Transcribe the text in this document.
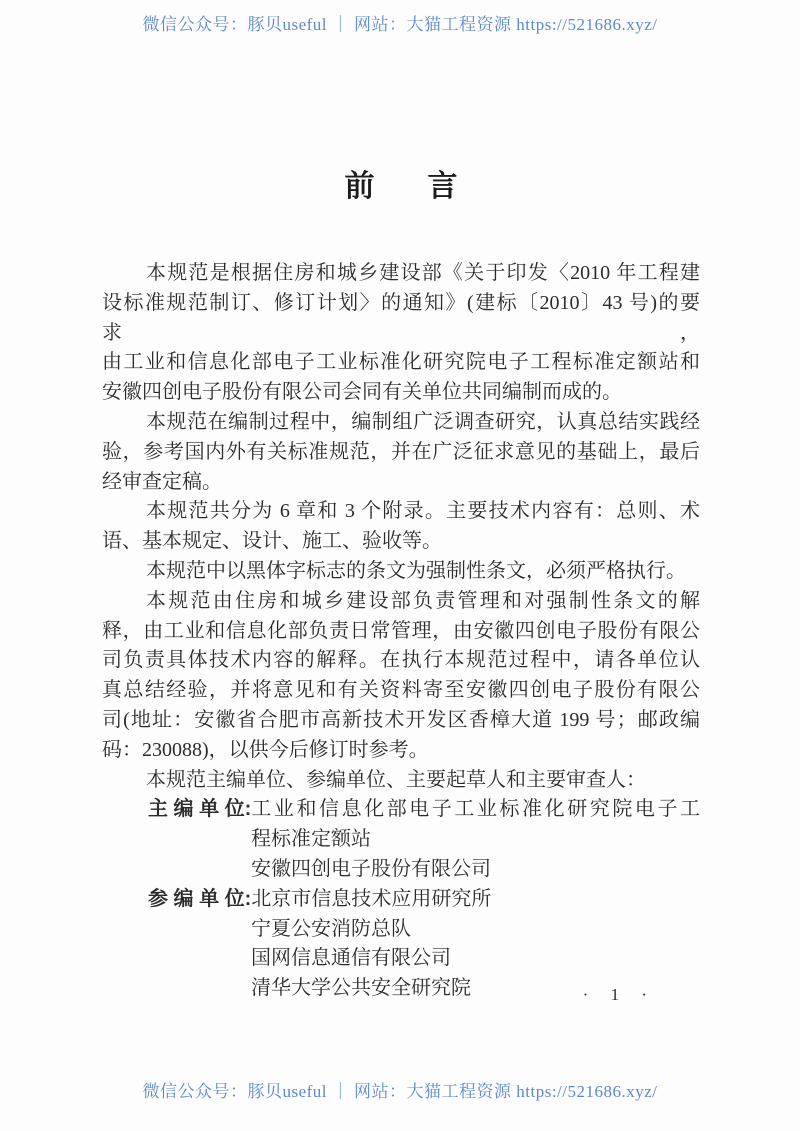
微信公众号：豚贝useful ｜ 网站：大猫工程资源 https://521686.xyz/
前 言
本规范是根据住房和城乡建设部《关于印发〈2010 年工程建
设标准规范制订、修订计划〉的通知》(建标〔2010〕43 号)的要求，
由工业和信息化部电子工业标准化研究院电子工程标准定额站和
安徽四创电子股份有限公司会同有关单位共同编制而成的。
本规范在编制过程中，编制组广泛调查研究，认真总结实践经
验，参考国内外有关标准规范，并在广泛征求意见的基础上，最后
经审查定稿。
本规范共分为 6 章和 3 个附录。主要技术内容有：总则、术
语、基本规定、设计、施工、验收等。
本规范中以黑体字标志的条文为强制性条文，必须严格执行。
本规范由住房和城乡建设部负责管理和对强制性条文的解
释，由工业和信息化部负责日常管理，由安徽四创电子股份有限公
司负责具体技术内容的解释。在执行本规范过程中，请各单位认
真总结经验，并将意见和有关资料寄至安徽四创电子股份有限公
司(地址：安徽省合肥市高新技术开发区香樟大道 199 号；邮政编
码：230088)，以供今后修订时参考。
本规范主编单位、参编单位、主要起草人和主要审查人：
主 编 单 位: 工业和信息化部电子工业标准化研究院电子工
程标准定额站
安徽四创电子股份有限公司
参 编 单 位: 北京市信息技术应用研究所
宁夏公安消防总队
国网信息通信有限公司
清华大学公共安全研究院	· 1 ·
微信公众号：豚贝useful ｜ 网站：大猫工程资源 https://521686.xyz/
